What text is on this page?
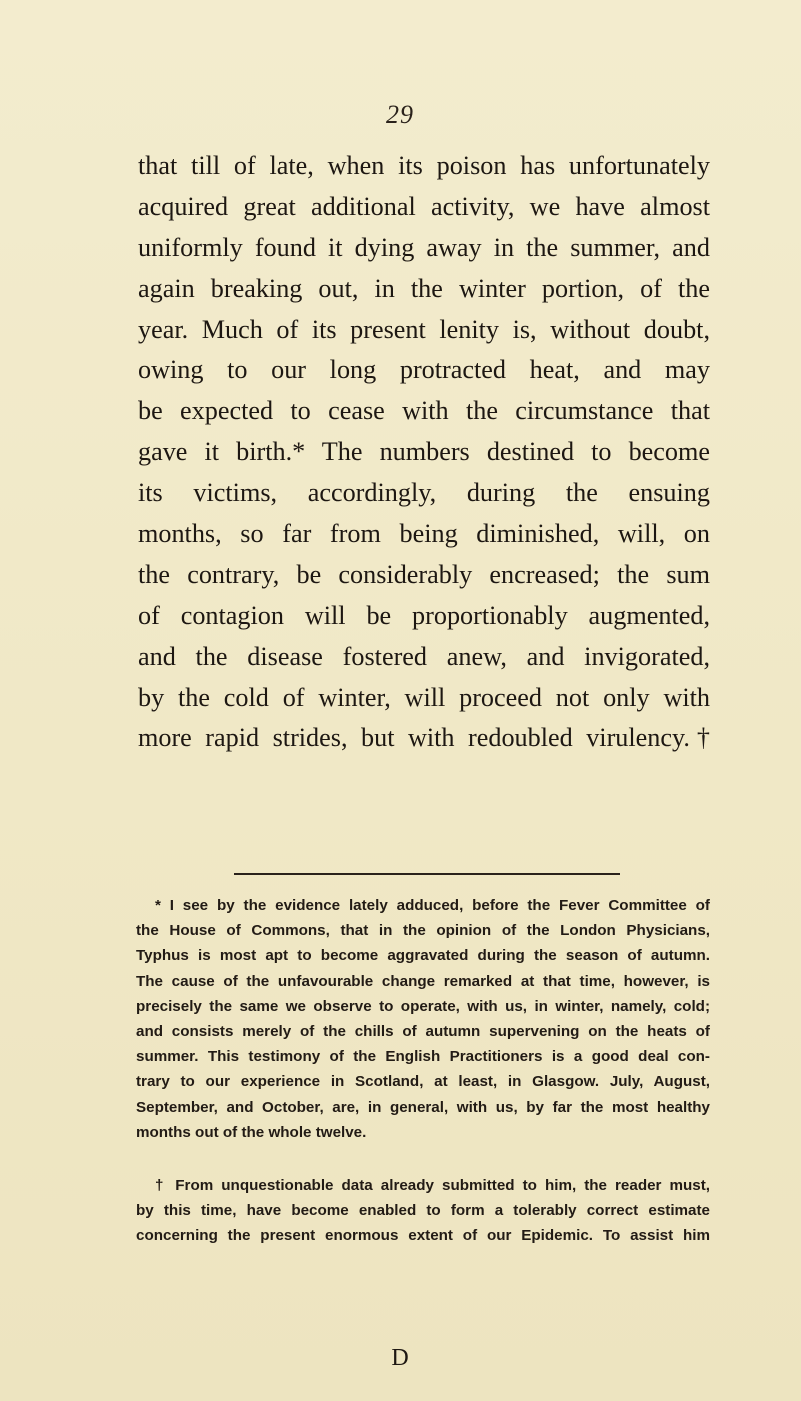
29
that till of late, when its poison has unfortunately
acquired great additional activity, we have almost
uniformly found it dying away in the summer, and
again breaking out, in the winter portion, of the
year. Much of its present lenity is, without doubt,
owing to our long protracted heat, and may
be expected to cease with the circumstance that
gave it birth.* The numbers destined to become
its victims, accordingly, during the ensuing
months, so far from being diminished, will, on
the contrary, be considerably encreased; the sum
of contagion will be proportionably augmented,
and the disease fostered anew, and invigorated,
by the cold of winter, will proceed not only with
more rapid strides, but with redoubled virulency.†
* I see by the evidence lately adduced, before the Fever Committee of
the House of Commons, that in the opinion of the London Physicians,
Typhus is most apt to become aggravated during the season of autumn.
The cause of the unfavourable change remarked at that time, however, is
precisely the same we observe to operate, with us, in winter, namely, cold;
and consists merely of the chills of autumn supervening on the heats of
summer. This testimony of the English Practitioners is a good deal con-
trary to our experience in Scotland, at least, in Glasgow. July, August,
September, and October, are, in general, with us, by far the most healthy
months out of the whole twelve.
† From unquestionable data already submitted to him, the reader must,
by this time, have become enabled to form a tolerably correct estimate
concerning the present enormous extent of our Epidemic. To assist him
D
